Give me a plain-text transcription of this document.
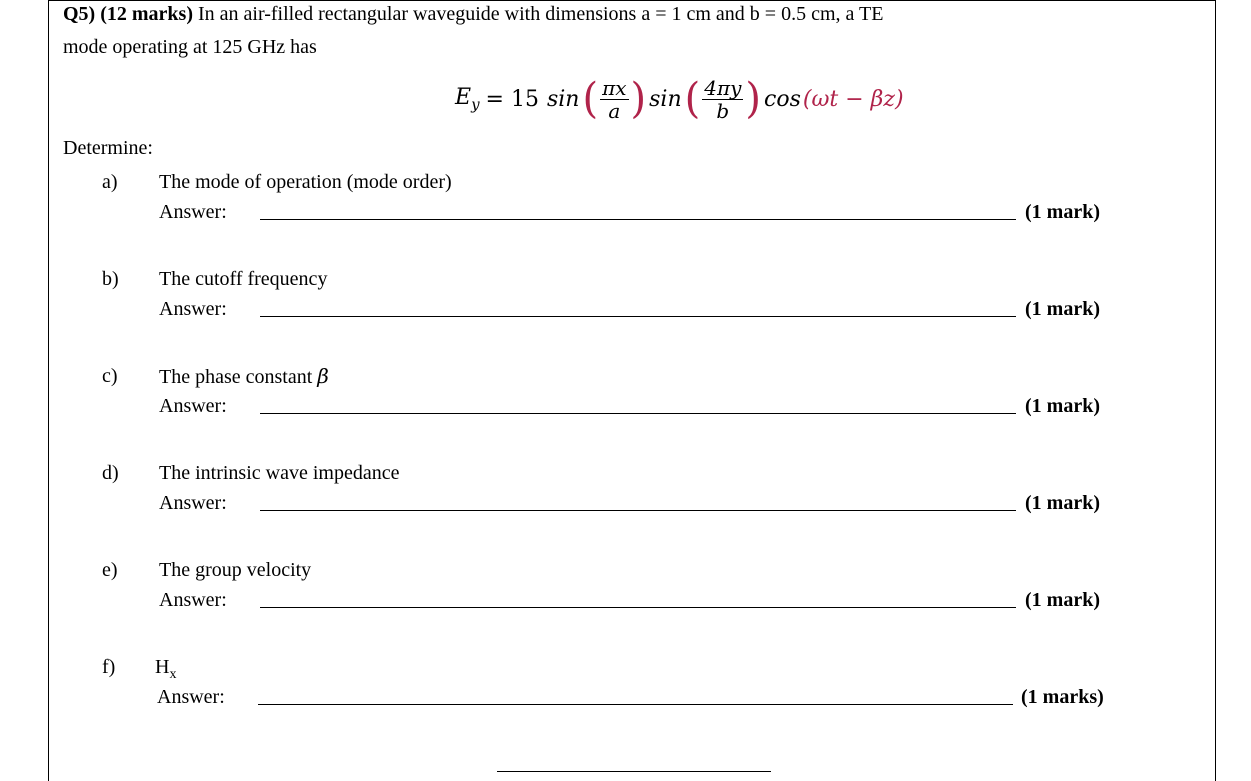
Q5) (12 marks) In an air-filled rectangular waveguide with dimensions a = 1 cm and b = 0.5 cm, a TE
mode operating at 125 GHz has
$E_y = 15$ sin ( $\frac{\pi x}{a}$ ) sin ( $\frac{4\pi y}{b}$ ) cos (ωt − βz)
Determine:
a) The mode of operation (mode order)
Answer:	(1 mark)
b) The cutoff frequency
Answer:	(1 mark)
c) The phase constant β
Answer:	(1 mark)
d) The intrinsic wave impedance
Answer:	(1 mark)
e) The group velocity
Answer:	(1 mark)
f) $H_x$
Answer:	(1 marks)
